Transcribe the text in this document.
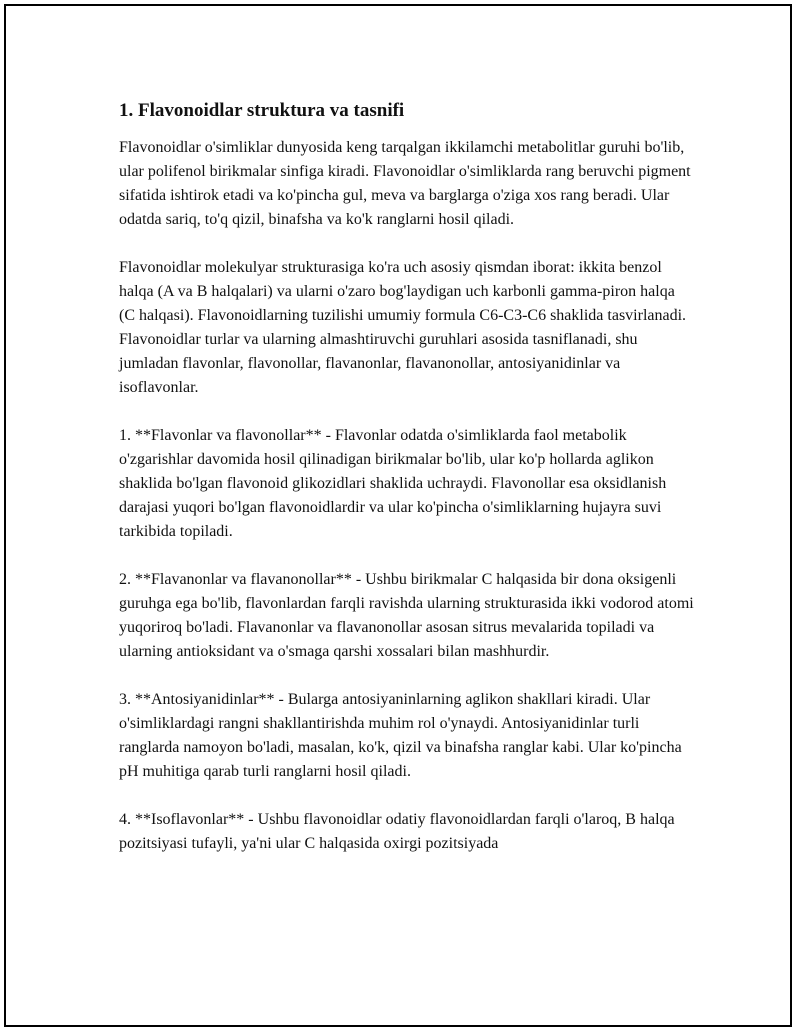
1. Flavonoidlar struktura va tasnifi

Flavonoidlar o'simliklar dunyosida keng tarqalgan ikkilamchi metabolitlar guruhi bo'lib, ular polifenol birikmalar sinfiga kiradi. Flavonoidlar o'simliklarda rang beruvchi pigment sifatida ishtirok etadi va ko'pincha gul, meva va barglarga o'ziga xos rang beradi. Ular odatda sariq, to'q qizil, binafsha va ko'k ranglarni hosil qiladi.

Flavonoidlar molekulyar strukturasiga ko'ra uch asosiy qismdan iborat: ikkita benzol halqa (A va B halqalari) va ularni o'zaro bog'laydigan uch karbonli gamma-piron halqa (C halqasi). Flavonoidlarning tuzilishi umumiy formula C6-C3-C6 shaklida tasvirlanadi. Flavonoidlar turlar va ularning almashtiruvchi guruhlari asosida tasniflanadi, shu jumladan flavonlar, flavonollar, flavanonlar, flavanonollar, antosiyanidinlar va isoflavonlar.

1. **Flavonlar va flavonollar** - Flavonlar odatda o'simliklarda faol metabolik o'zgarishlar davomida hosil qilinadigan birikmalar bo'lib, ular ko'p hollarda aglikon shaklida bo'lgan flavonoid glikozidlari shaklida uchraydi. Flavonollar esa oksidlanish darajasi yuqori bo'lgan flavonoidlardir va ular ko'pincha o'simliklarning hujayra suvi tarkibida topiladi.

2. **Flavanonlar va flavanonollar** - Ushbu birikmalar C halqasida bir dona oksigenli guruhga ega bo'lib, flavonlardan farqli ravishda ularning strukturasida ikki vodorod atomi yuqoriroq bo'ladi. Flavanonlar va flavanonollar asosan sitrus mevalarida topiladi va ularning antioksidant va o'smaga qarshi xossalari bilan mashhurdir.

3. **Antosiyanidinlar** - Bularga antosiyaninlarning aglikon shakllari kiradi. Ular o'simliklardagi rangni shakllantirishda muhim rol o'ynaydi. Antosiyanidinlar turli ranglarda namoyon bo'ladi, masalan, ko'k, qizil va binafsha ranglar kabi. Ular ko'pincha pH muhitiga qarab turli ranglarni hosil qiladi.

4. **Isoflavonlar** - Ushbu flavonoidlar odatiy flavonoidlardan farqli o'laroq, B halqa pozitsiyasi tufayli, ya'ni ular C halqasida oxirgi pozitsiyada
